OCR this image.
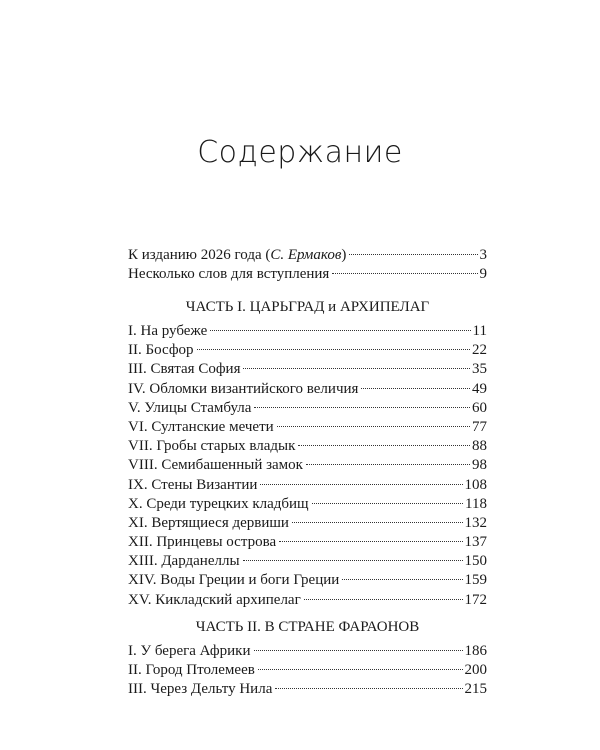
Содержание
К изданию 2026 года (С. Ермаков)	3
Несколько слов для вступления	9
ЧАСТЬ I. ЦАРЬГРАД и АРХИПЕЛАГ
I. На рубеже	11
II. Босфор	22
III. Святая София	35
IV. Обломки византийского величия	49
V. Улицы Стамбула	60
VI. Султанские мечети	77
VII. Гробы старых владык	88
VIII. Семибашенный замок	98
IX. Стены Византии	108
X. Среди турецких кладбищ	118
XI. Вертящиеся дервиши	132
XII. Принцевы острова	137
XIII. Дарданеллы	150
XIV. Воды Греции и боги Греции	159
XV. Кикладский архипелаг	172
ЧАСТЬ II. В СТРАНЕ ФАРАОНОВ
I. У берега Африки	186
II. Город Птолемеев	200
III. Через Дельту Нила	215
